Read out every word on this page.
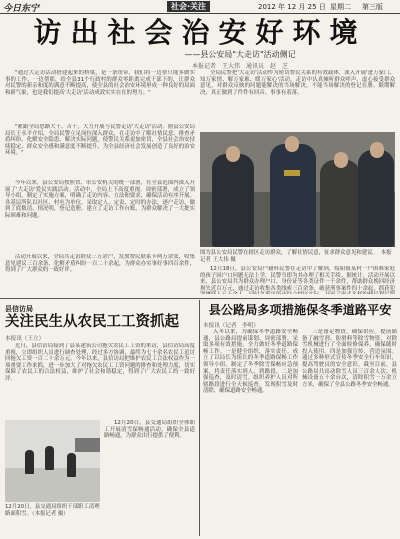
今日东宁	社会·关注	2012 年 12 月 25 日 星期二 第三版
访出社会治安好环境
——县公安局"大走访"活动侧记
本报记者　王大伟　通讯员　赵　芝
"通过大走访活动搭建起来的桥梁，是一条纽带，我们将一边帮只能多做实事的工作，一边帮那，给全县31个行政村的群众零距离完成干部下的，让群众对民警的新亲和度的满意不断提高，使全县的社会治安环境形成一种良好的局面和新气象，也是我们提高'大走访'活动成效实实在在的努力。"
"紧跟全局思路大干、苦干，大力开展与民警走访'大走访'活动。据县公安局局长王永平介绍，全局民警立足岗位深入群众，在走访中了解社情民意、排查矛盾纠纷、化解安全隐患、解决实际问题，使警民关系更加密切，全县社会治安持续稳定、群众安全感和满意度不断提升，为全县经济社会发展创造了良好的治安环境。"
今年以来，县公安局按照省、市公安机关的统一部署，在全县范围内深入开展了'大走访'爱民实践活动。活动中，全局上下高度重视，周密部署，成立了领导小组，制定了实施方案，明确了走访内容、方法和要求，确保活动有序开展。各基层所队以社区、村屯为单位，采取定人、定责、定时的办法，逐户走访，做到了底数清、情况明，登记造册，建立了走访工作台账，为群众解决了一大批实际困难和问题。
活动开展以来，全局共走访群众三万余户，发放警民联系卡两万余张，收集意见建议三百余条，化解矛盾纠纷一百二十余起，为群众办实事好事四百余件，得到了广大群众的一致好评。
全局民警把'大走访'活动作为密切警民关系的有效载体，深入开展'进万家门、知万家情、解万家难、暖万家心'活动，走访中认真倾听群众呼声，虚心接受群众意见，对群众反映的问题能解决的当场解决，不能当场解决的登记在册、限期解决，真正做到了件件有回音、事事有着落。
图为县公安局民警在辖区走访群众，了解社情民意，征求群众意见和建议。　本报记者 王大伟 摄
12月18日，县公安局户籍科民警在走访中了解到，绥阳镇某村一户困难家庭的孩子因户口问题无法上学，民警当即为其办理了相关手续。据统计，活动开展以来，县公安局共为群众办理户口、身份证等各类证件一千余件，帮助群众挽回经济损失近百万元，通过走访收集各类线索三百余条，破获刑事案件四十余起，抓获犯
县信访局
关注民生从农民工工资抓起
本报讯（王立）
近日，县信访局接到了县某建筑公司拖欠农民工工资的来访，县信访局高度重视，立即组织人员进行调查处理，经过多方协调，最终为七十余名农民工追讨回拖欠工资一百二十余万元。今年以来，县信访局把维护农民工合法权益作为一项重要工作来抓，进一步加大了对拖欠农民工工资问题的排查和处理力度，切实保障了农民工的合法权益，维护了社会和谐稳定，得到了广大农民工的一致好评。
12月20日，县交通局组织干部职工清理路面积雪。（本报记者 摄）
12月20日，县交通局组织全体职工开展清雪保畅通活动，确保全县道路畅通，为群众出行提供了便利。
县公路局多项措施保冬季道路平安
本报讯（记者　李明）
入冬以来，为确保冬季道路安全畅通，县公路局提前谋划、周密部署，采取多项有效措施，全力做好冬季道路保畅工作。一是健全组织，落实责任。成立了以局长为组长的冬季道路保畅工作领导小组，制定了冬季除雪保畅应急预案，将责任落实到人、到路段。二是加强巡查，及时清雪。组织养护人员对所辖路段进行全天候巡查，发现积雪及时清除，确保道路安全畅通。
三是备足物资，确保供应。提前储备了融雪剂、防滑料等除雪物资，对除雪机械进行了全面检修保养，确保随时投入使用。四是加强宣传，营造氛围。通过多种形式宣传冬季安全行车知识，提高驾驶员的安全意识。截至目前，县公路局共出动除雪人员三百余人次、机械设备五十余台次，清除积雪一万余立方米，确保了全县公路冬季安全畅通。
